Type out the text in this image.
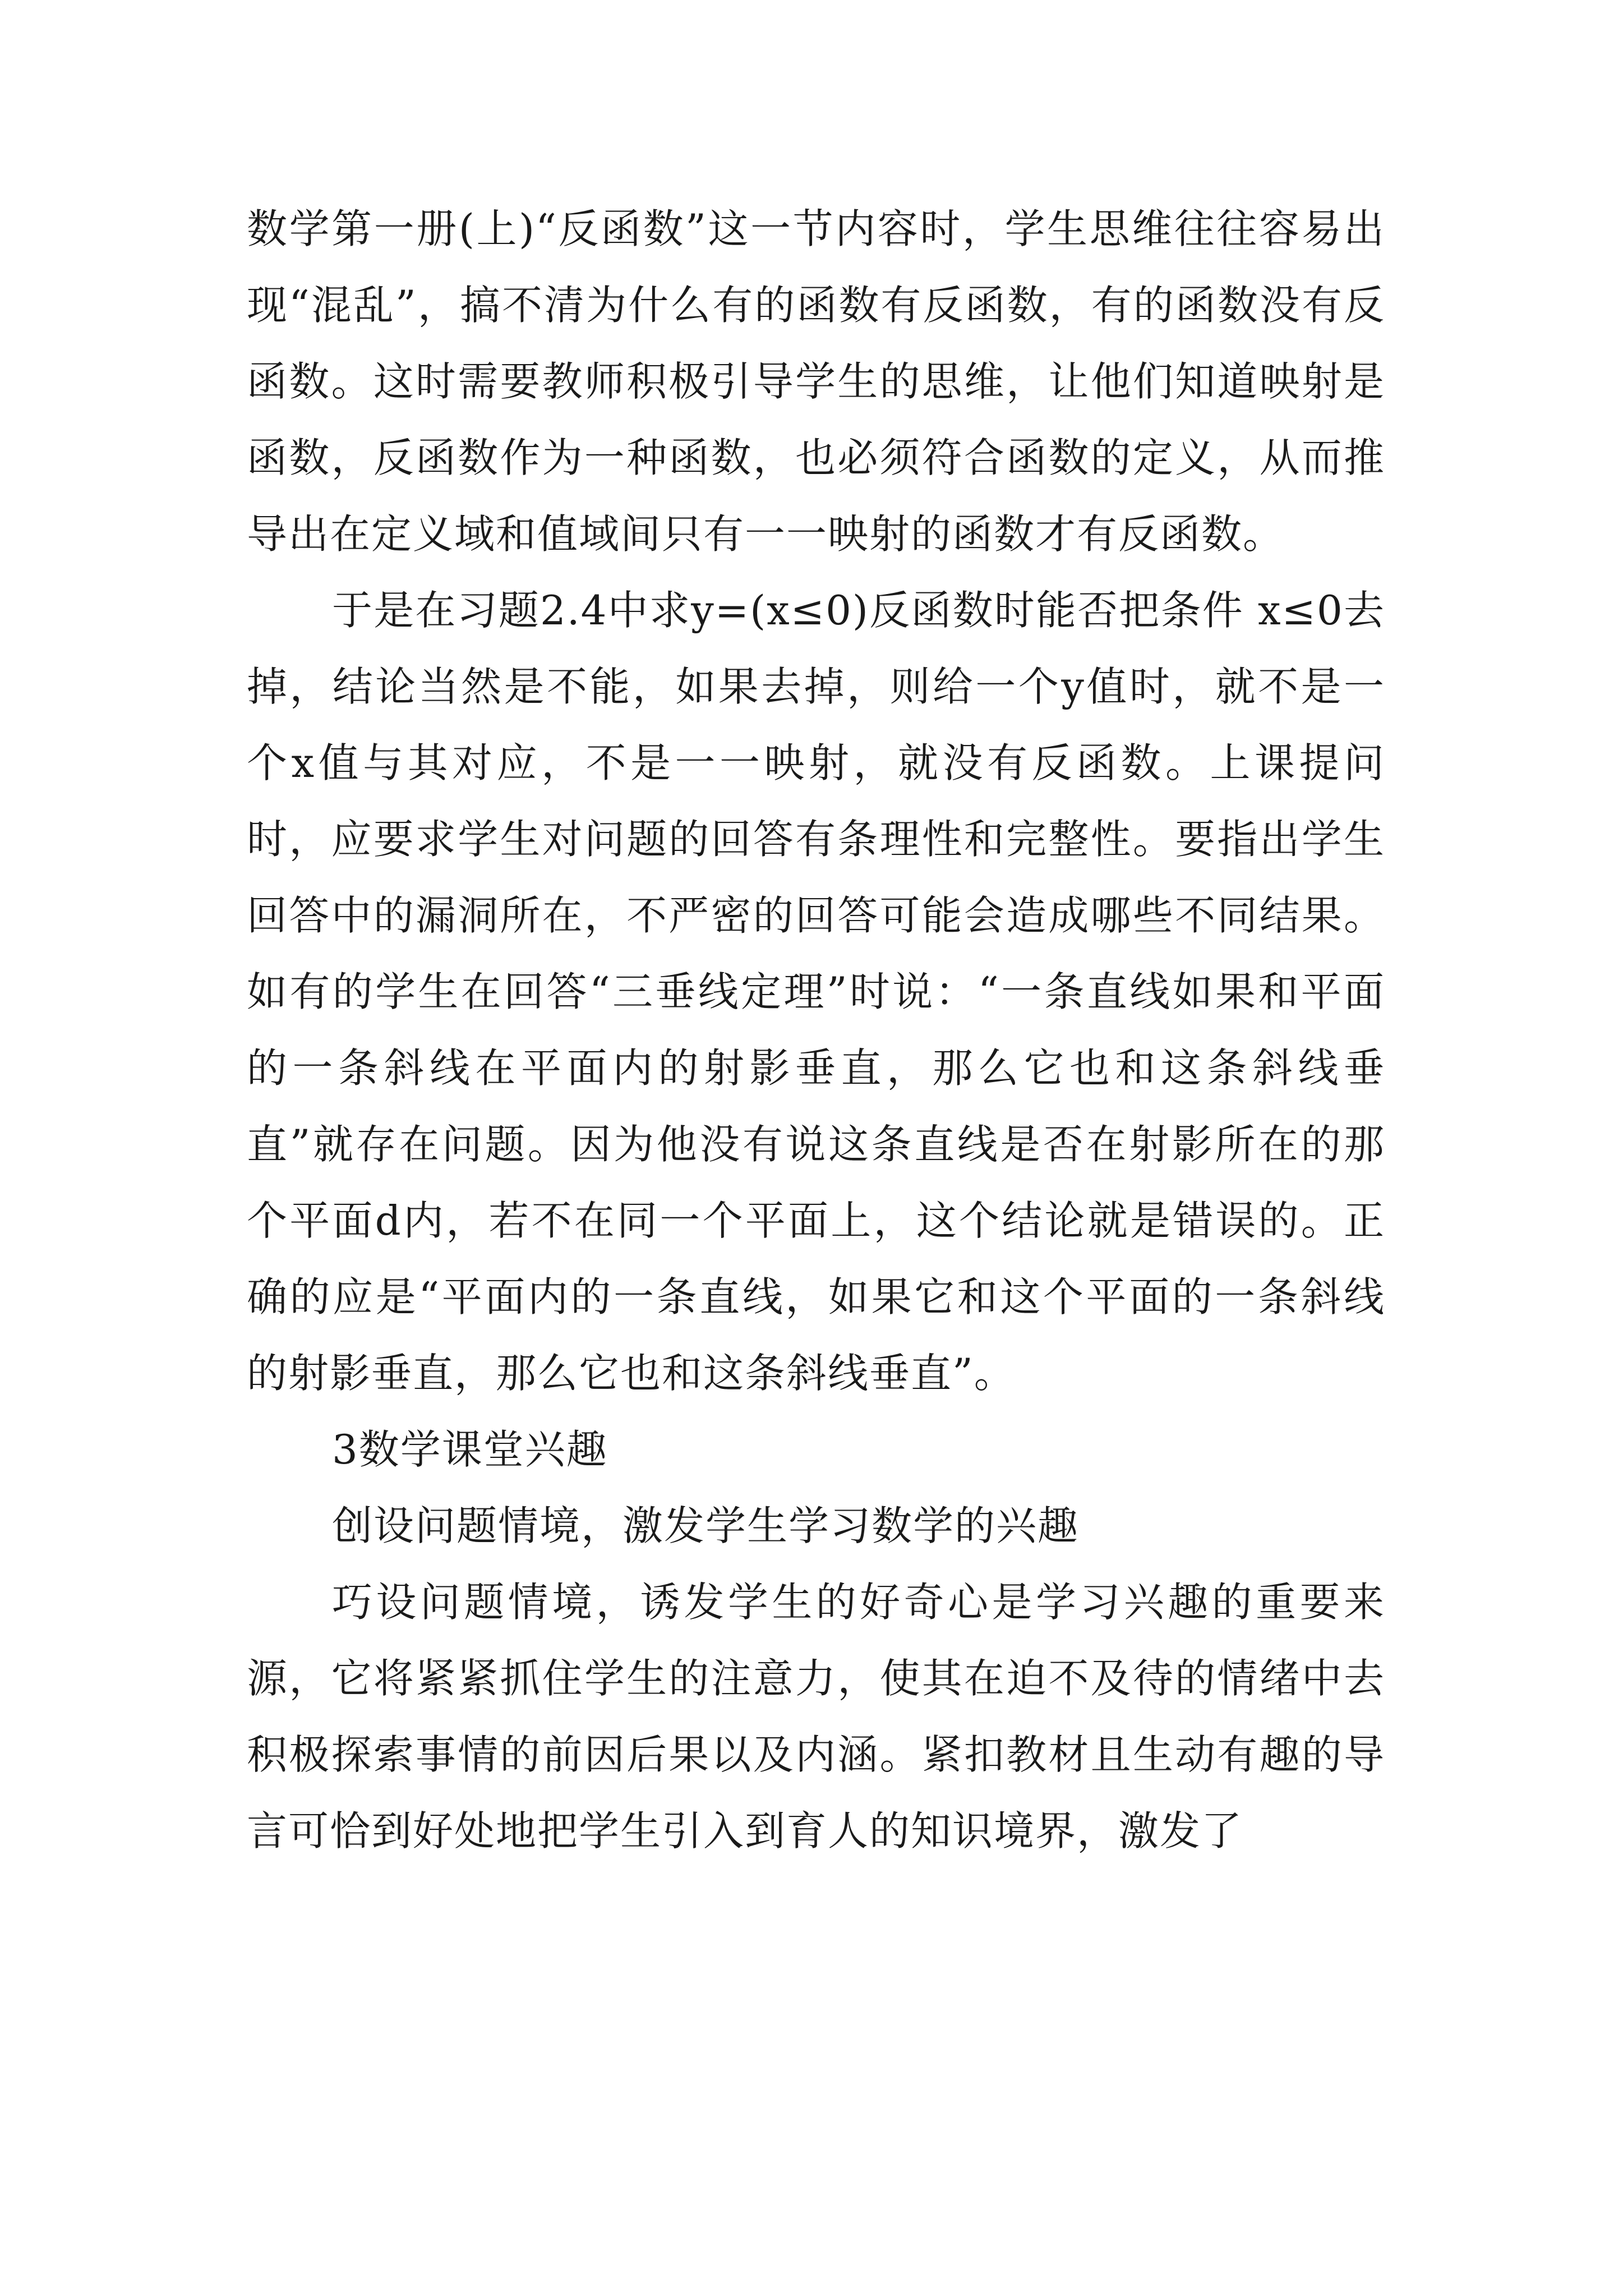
数学第一册(上)“反函数”这一节内容时，学生思维往往容易出现“混乱”，搞不清为什么有的函数有反函数，有的函数没有反函数。这时需要教师积极引导学生的思维，让他们知道映射是函数，反函数作为一种函数，也必须符合函数的定义，从而推导出在定义域和值域间只有一一映射的函数才有反函数。

于是在习题2.4中求y=(x≤0)反函数时能否把条件 x≤0去掉，结论当然是不能，如果去掉，则给一个y值时，就不是一个x值与其对应，不是一一映射，就没有反函数。上课提问时，应要求学生对问题的回答有条理性和完整性。要指出学生回答中的漏洞所在，不严密的回答可能会造成哪些不同结果。如有的学生在回答“三垂线定理”时说：“一条直线如果和平面的一条斜线在平面内的射影垂直，那么它也和这条斜线垂直”就存在问题。因为他没有说这条直线是否在射影所在的那个平面d内，若不在同一个平面上，这个结论就是错误的。正确的应是“平面内的一条直线，如果它和这个平面的一条斜线的射影垂直，那么它也和这条斜线垂直”。

3数学课堂兴趣

创设问题情境，激发学生学习数学的兴趣

巧设问题情境，诱发学生的好奇心是学习兴趣的重要来源，它将紧紧抓住学生的注意力，使其在迫不及待的情绪中去积极探索事情的前因后果以及内涵。紧扣教材且生动有趣的导言可恰到好处地把学生引入到育人的知识境界，激发了
